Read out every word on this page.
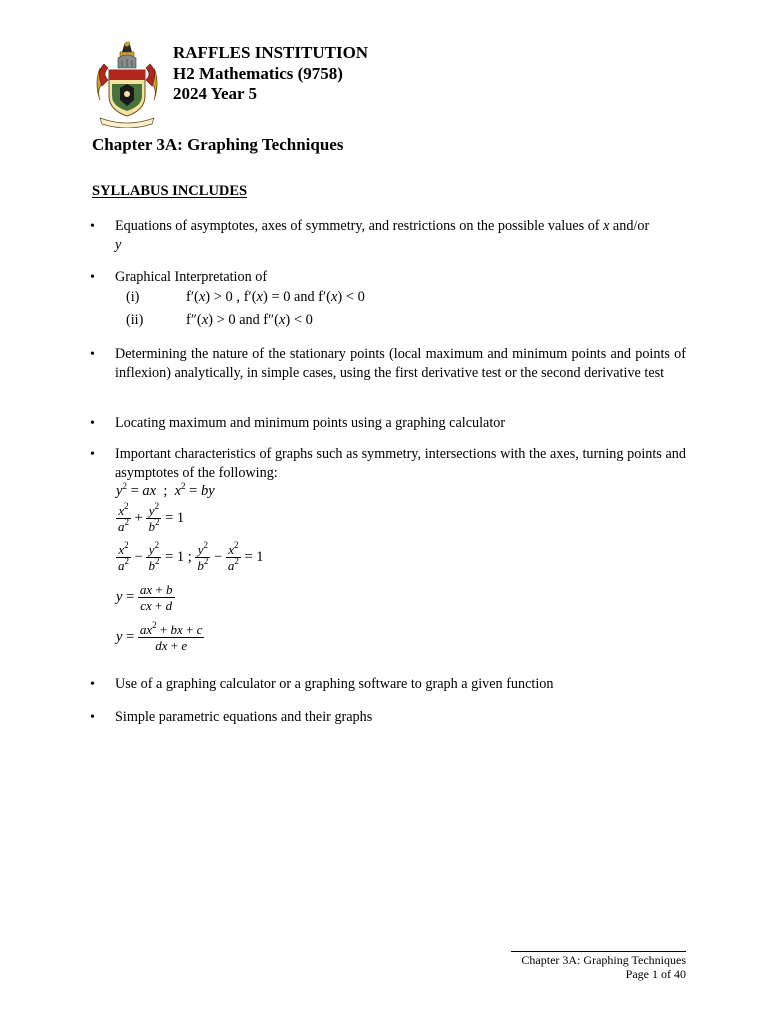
RAFFLES INSTITUTION
H2 Mathematics (9758)
2024 Year 5
Chapter 3A: Graphing Techniques
SYLLABUS INCLUDES
• Equations of asymptotes, axes of symmetry, and restrictions on the possible values of x and/or
y
• Graphical Interpretation of
(i)	f′(x) > 0 , f′(x) = 0 and f′(x) < 0
(ii)	f″(x) > 0 and f″(x) < 0
• Determining the nature of the stationary points (local maximum and minimum points and points of inflexion) analytically, in simple cases, using the first derivative test or the second derivative test
• Locating maximum and minimum points using a graphing calculator
• Important characteristics of graphs such as symmetry, intersections with the axes, turning points and asymptotes of the following:
$y^2$ = ax  ;  $x^2$ = by
$\frac{x^2}{a^2} + \frac{y^2}{b^2} = 1$
$\frac{x^2}{a^2} - \frac{y^2}{b^2} = 1$ ; $\frac{y^2}{b^2} - \frac{x^2}{a^2} = 1$
$y = \frac{ax + b}{cx + d}$
$y = \frac{ax^2 + bx + c}{dx + e}$
• Use of a graphing calculator or a graphing software to graph a given function
• Simple parametric equations and their graphs
Chapter 3A: Graphing Techniques
Page 1 of 40
